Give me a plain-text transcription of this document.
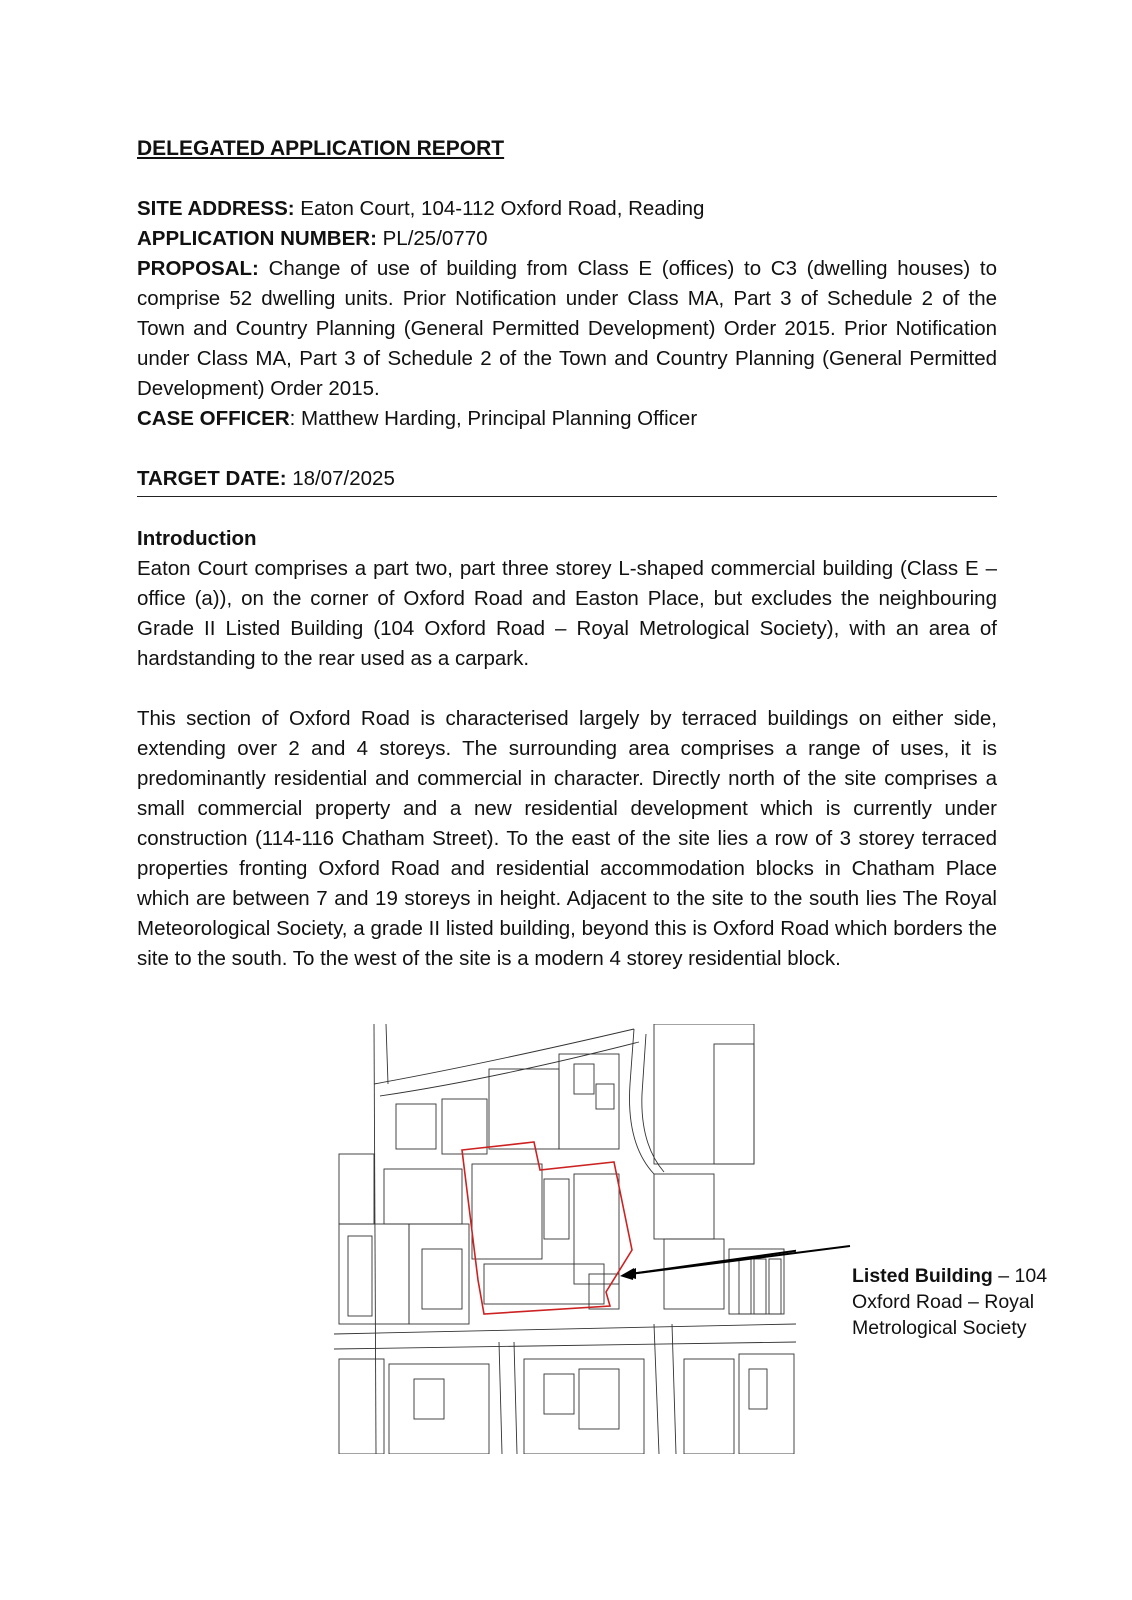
DELEGATED APPLICATION REPORT

SITE ADDRESS: Eaton Court, 104-112 Oxford Road, Reading

APPLICATION NUMBER: PL/25/0770

PROPOSAL: Change of use of building from Class E (offices) to C3 (dwelling houses) to comprise 52 dwelling units. Prior Notification under Class MA, Part 3 of Schedule 2 of the Town and Country Planning (General Permitted Development) Order 2015. Prior Notification under Class MA, Part 3 of Schedule 2 of the Town and Country Planning (General Permitted Development) Order 2015.

CASE OFFICER: Matthew Harding, Principal Planning Officer

TARGET DATE: 18/07/2025
Introduction

Eaton Court comprises a part two, part three storey L-shaped commercial building (Class E – office (a)), on the corner of Oxford Road and Easton Place, but excludes the neighbouring Grade II Listed Building (104 Oxford Road – Royal Metrological Society), with an area of hardstanding to the rear used as a carpark.

This section of Oxford Road is characterised largely by terraced buildings on either side, extending over 2 and 4 storeys. The surrounding area comprises a range of uses, it is predominantly residential and commercial in character. Directly north of the site comprises a small commercial property and a new residential development which is currently under construction (114-116 Chatham Street). To the east of the site lies a row of 3 storey terraced properties fronting Oxford Road and residential accommodation blocks in Chatham Place which are between 7 and 19 storeys in height. Adjacent to the site to the south lies The Royal Meteorological Society, a grade II listed building, beyond this is Oxford Road which borders the site to the south. To the west of the site is a modern 4 storey residential block.

Listed Building – 104 Oxford Road – Royal Metrological Society
